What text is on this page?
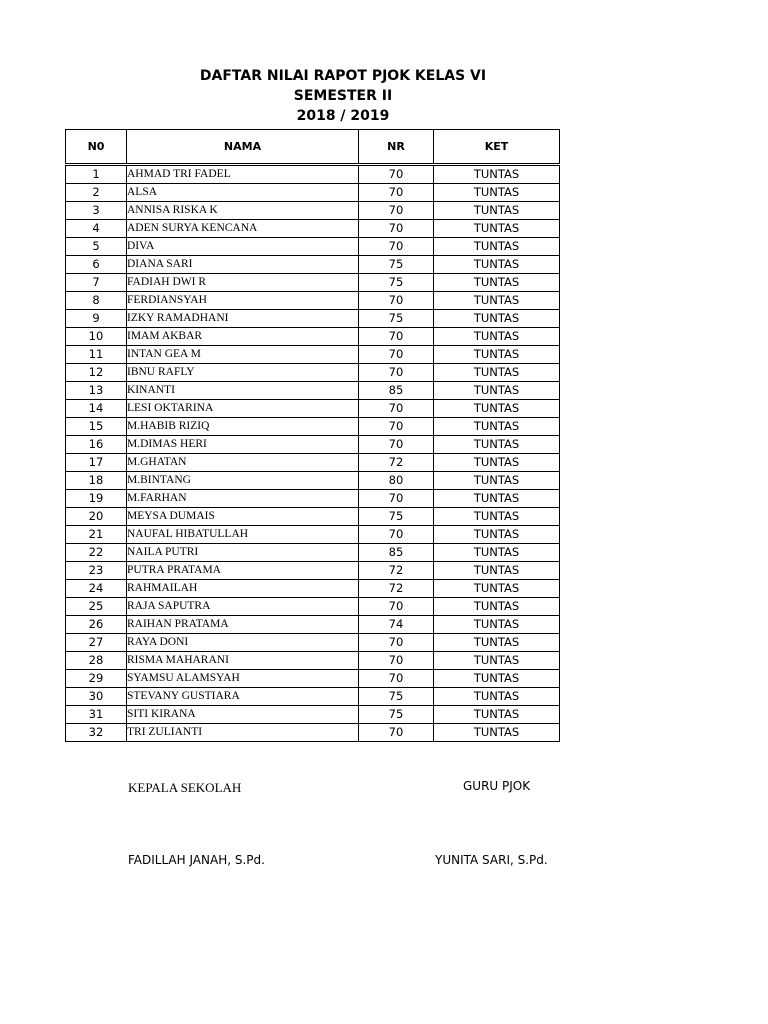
DAFTAR NILAI RAPOT PJOK KELAS VI
SEMESTER II
2018 / 2019
N0	NAMA	NR	KET
1	AHMAD TRI FADEL	70	TUNTAS
2	ALSA	70	TUNTAS
3	ANNISA RISKA K	70	TUNTAS
4	ADEN SURYA KENCANA	70	TUNTAS
5	DIVA	70	TUNTAS
6	DIANA SARI	75	TUNTAS
7	FADIAH DWI R	75	TUNTAS
8	FERDIANSYAH	70	TUNTAS
9	IZKY RAMADHANI	75	TUNTAS
10	IMAM AKBAR	70	TUNTAS
11	INTAN GEA M	70	TUNTAS
12	IBNU RAFLY	70	TUNTAS
13	KINANTI	85	TUNTAS
14	LESI OKTARINA	70	TUNTAS
15	M.HABIB RIZIQ	70	TUNTAS
16	M.DIMAS HERI	70	TUNTAS
17	M.GHATAN	72	TUNTAS
18	M.BINTANG	80	TUNTAS
19	M.FARHAN	70	TUNTAS
20	MEYSA DUMAIS	75	TUNTAS
21	NAUFAL HIBATULLAH	70	TUNTAS
22	NAILA PUTRI	85	TUNTAS
23	PUTRA PRATAMA	72	TUNTAS
24	RAHMAILAH	72	TUNTAS
25	RAJA SAPUTRA	70	TUNTAS
26	RAIHAN PRATAMA	74	TUNTAS
27	RAYA DONI	70	TUNTAS
28	RISMA MAHARANI	70	TUNTAS
29	SYAMSU ALAMSYAH	70	TUNTAS
30	STEVANY GUSTIARA	75	TUNTAS
31	SITI KIRANA	75	TUNTAS
32	TRI ZULIANTI	70	TUNTAS
KEPALA SEKOLAH	GURU PJOK
FADILLAH JANAH, S.Pd.	YUNITA SARI, S.Pd.
